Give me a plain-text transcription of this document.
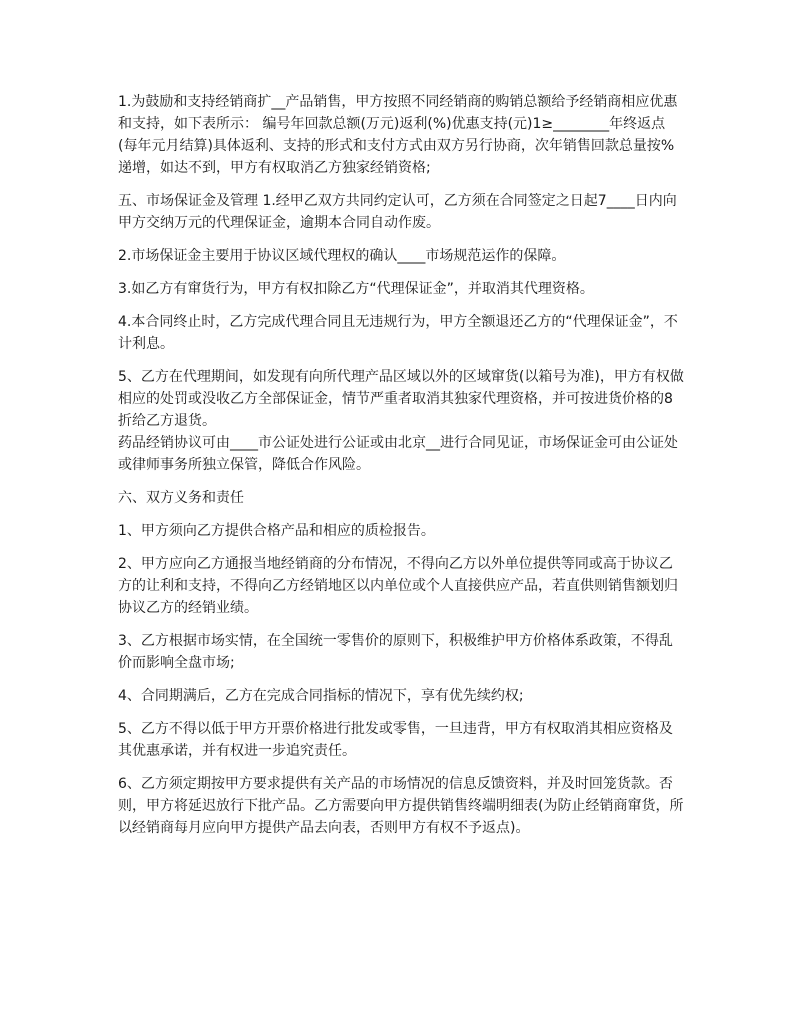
1.为鼓励和支持经销商扩__产品销售，甲方按照不同经销商的购销总额给予经销商相应优惠和支持，如下表所示： 编号年回款总额(万元)返利(%)优惠支持(元)1≥________年终返点(每年元月结算)具体返利、支持的形式和支付方式由双方另行协商，次年销售回款总量按%递增，如达不到，甲方有权取消乙方独家经销资格;

五、市场保证金及管理 1.经甲乙双方共同约定认可，乙方须在合同签定之日起7____日内向甲方交纳万元的代理保证金，逾期本合同自动作废。

2.市场保证金主要用于协议区域代理权的确认____市场规范运作的保障。

3.如乙方有窜货行为，甲方有权扣除乙方“代理保证金”，并取消其代理资格。

4.本合同终止时，乙方完成代理合同且无违规行为，甲方全额退还乙方的“代理保证金”，不计利息。

5、乙方在代理期间，如发现有向所代理产品区域以外的区域窜货(以箱号为准)，甲方有权做相应的处罚或没收乙方全部保证金，情节严重者取消其独家代理资格，并可按进货价格的8折给乙方退货。

药品经销协议可由____市公证处进行公证或由北京__进行合同见证，市场保证金可由公证处或律师事务所独立保管，降低合作风险。

六、双方义务和责任

1、甲方须向乙方提供合格产品和相应的质检报告。

2、甲方应向乙方通报当地经销商的分布情况，不得向乙方以外单位提供等同或高于协议乙方的让利和支持，不得向乙方经销地区以内单位或个人直接供应产品，若直供则销售额划归协议乙方的经销业绩。

3、乙方根据市场实情，在全国统一零售价的原则下，积极维护甲方价格体系政策，不得乱价而影响全盘市场;

4、合同期满后，乙方在完成合同指标的情况下，享有优先续约权;

5、乙方不得以低于甲方开票价格进行批发或零售，一旦违背，甲方有权取消其相应资格及其优惠承诺，并有权进一步追究责任。

6、乙方须定期按甲方要求提供有关产品的市场情况的信息反馈资料，并及时回笼货款。否则，甲方将延迟放行下批产品。乙方需要向甲方提供销售终端明细表(为防止经销商窜货，所以经销商每月应向甲方提供产品去向表，否则甲方有权不予返点)。
